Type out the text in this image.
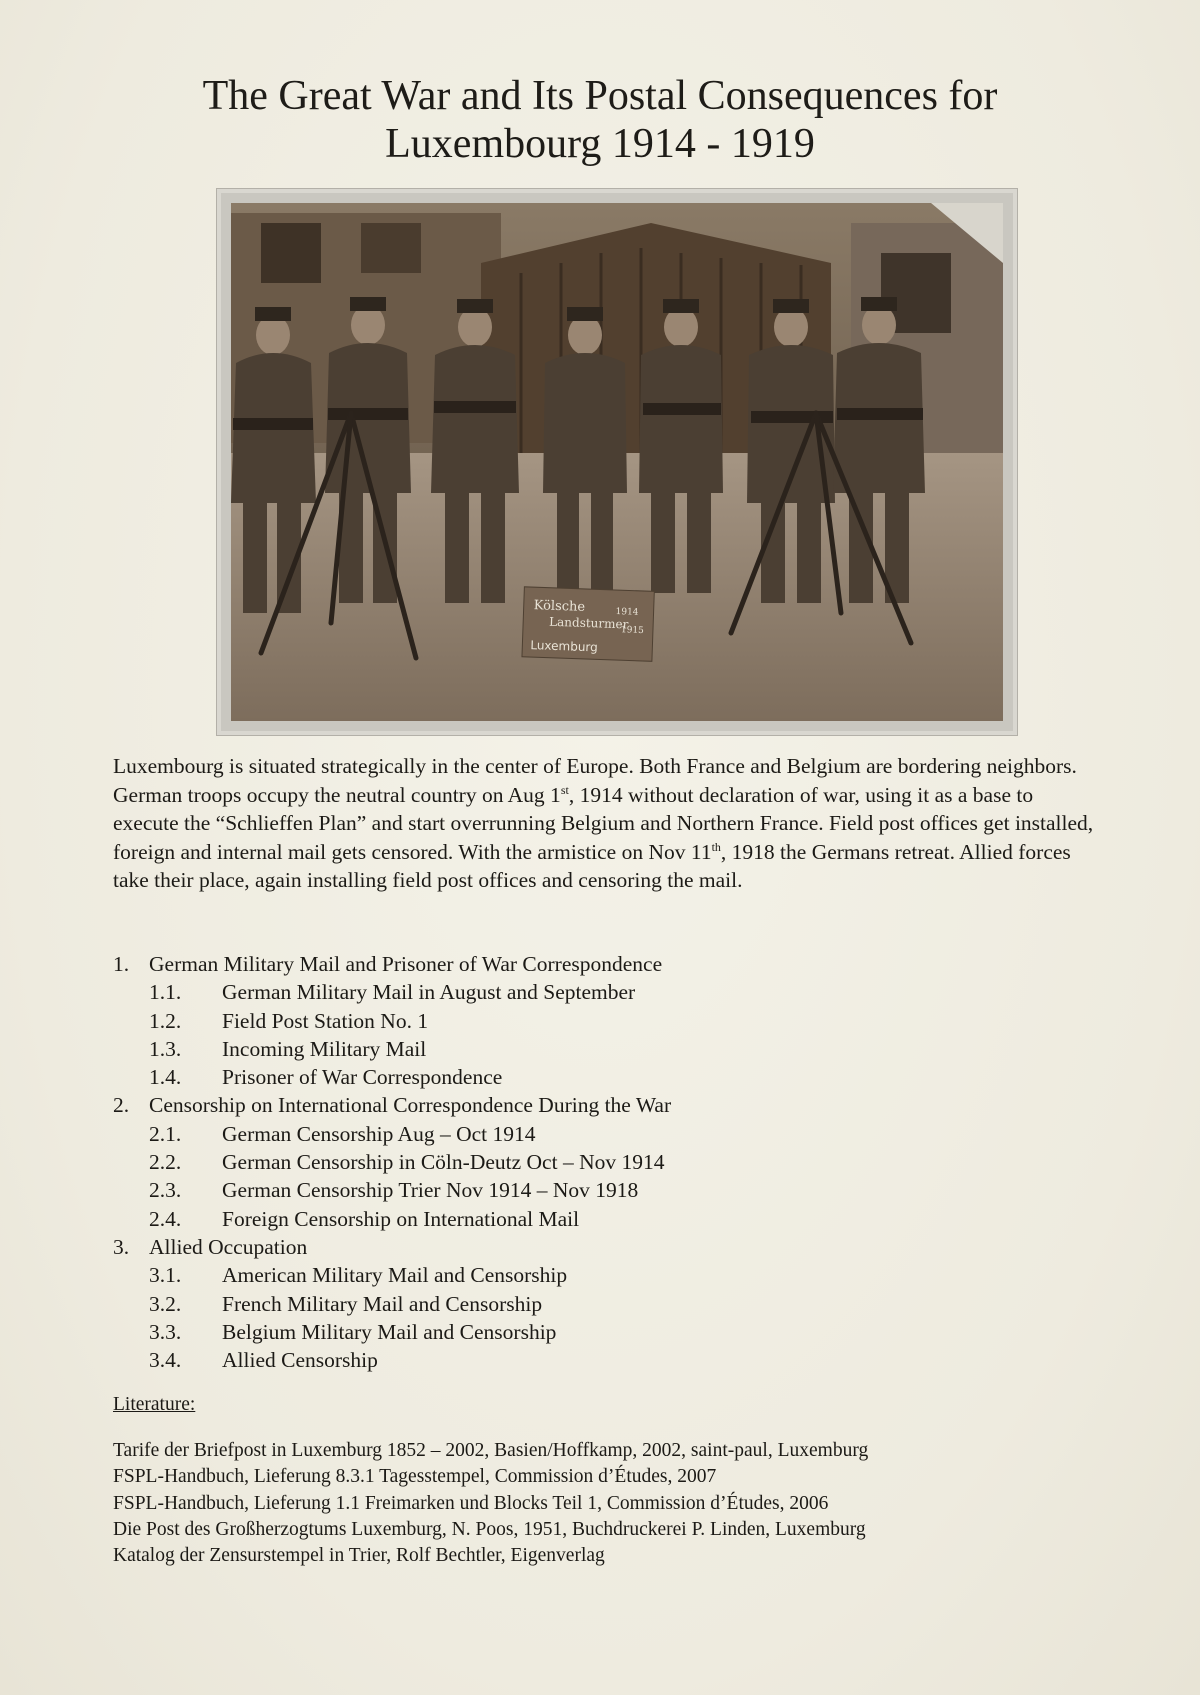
The Great War and Its Postal Consequences for
Luxembourg 1914 - 1919
Kölsche
Landsturmer
1914
1915
Luxemburg

Luxembourg is situated strategically in the center of Europe. Both France and Belgium are bordering neighbors. German troops occupy the neutral country on Aug 1st, 1914 without declaration of war, using it as a base to execute the “Schlieffen Plan” and start overrunning Belgium and Northern France. Field post offices get installed, foreign and internal mail gets censored. With the armistice on Nov 11th, 1918 the Germans retreat. Allied forces take their place, again installing field post offices and censoring the mail.

1. German Military Mail and Prisoner of War Correspondence
1.1. German Military Mail in August and September
1.2. Field Post Station No. 1
1.3. Incoming Military Mail
1.4. Prisoner of War Correspondence
2. Censorship on International Correspondence During the War
2.1. German Censorship Aug – Oct 1914
2.2. German Censorship in Cöln-Deutz Oct – Nov 1914
2.3. German Censorship Trier Nov 1914 – Nov 1918
2.4. Foreign Censorship on International Mail
3. Allied Occupation
3.1. American Military Mail and Censorship
3.2. French Military Mail and Censorship
3.3. Belgium Military Mail and Censorship
3.4. Allied Censorship
Literature:
Tarife der Briefpost in Luxemburg 1852 – 2002, Basien/Hoffkamp, 2002, saint-paul, Luxemburg
FSPL-Handbuch, Lieferung 8.3.1 Tagesstempel, Commission d’Études, 2007
FSPL-Handbuch, Lieferung 1.1 Freimarken und Blocks Teil 1, Commission d’Études, 2006
Die Post des Großherzogtums Luxemburg, N. Poos, 1951, Buchdruckerei P. Linden, Luxemburg
Katalog der Zensurstempel in Trier, Rolf Bechtler, Eigenverlag
